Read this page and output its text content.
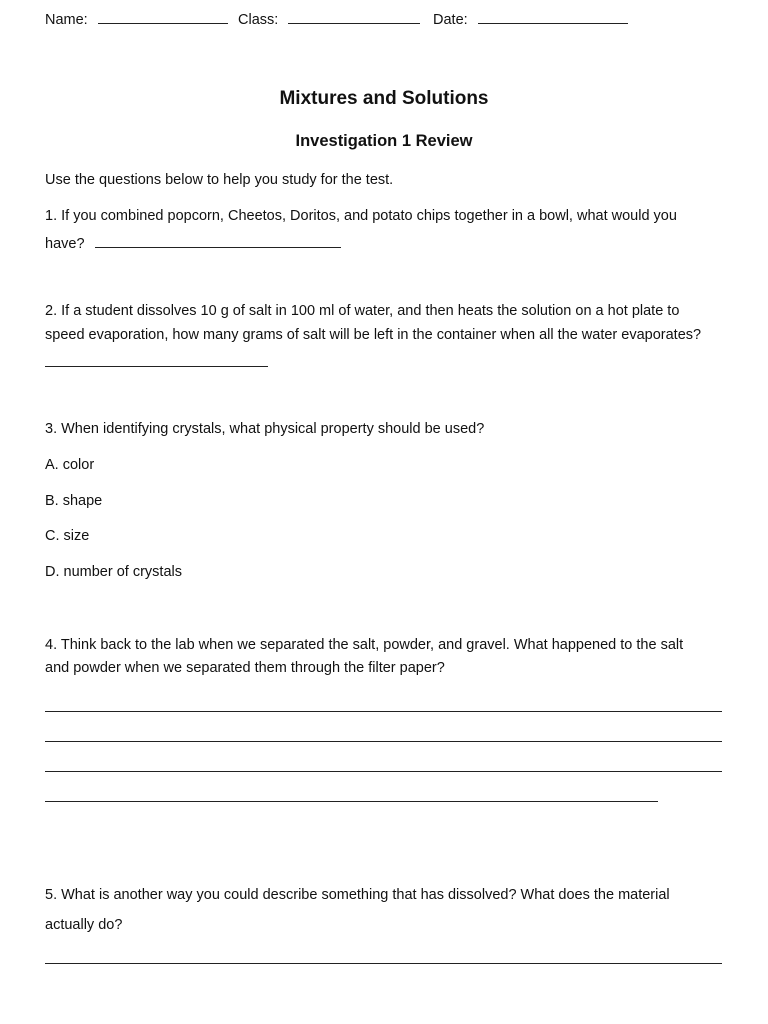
Name:	Class:	Date:
Mixtures and Solutions
Investigation 1 Review
Use the questions below to help you study for the test.
1. If you combined popcorn, Cheetos, Doritos, and potato chips together in a bowl, what would you
have?
2. If a student dissolves 10 g of salt in 100 ml of water, and then heats the solution on a hot plate to
speed evaporation, how many grams of salt will be left in the container when all the water evaporates?
3. When identifying crystals, what physical property should be used?
A. color
B. shape
C. size
D. number of crystals
4. Think back to the lab when we separated the salt, powder, and gravel. What happened to the salt
and powder when we separated them through the filter paper?
5. What is another way you could describe something that has dissolved? What does the material
actually do?
